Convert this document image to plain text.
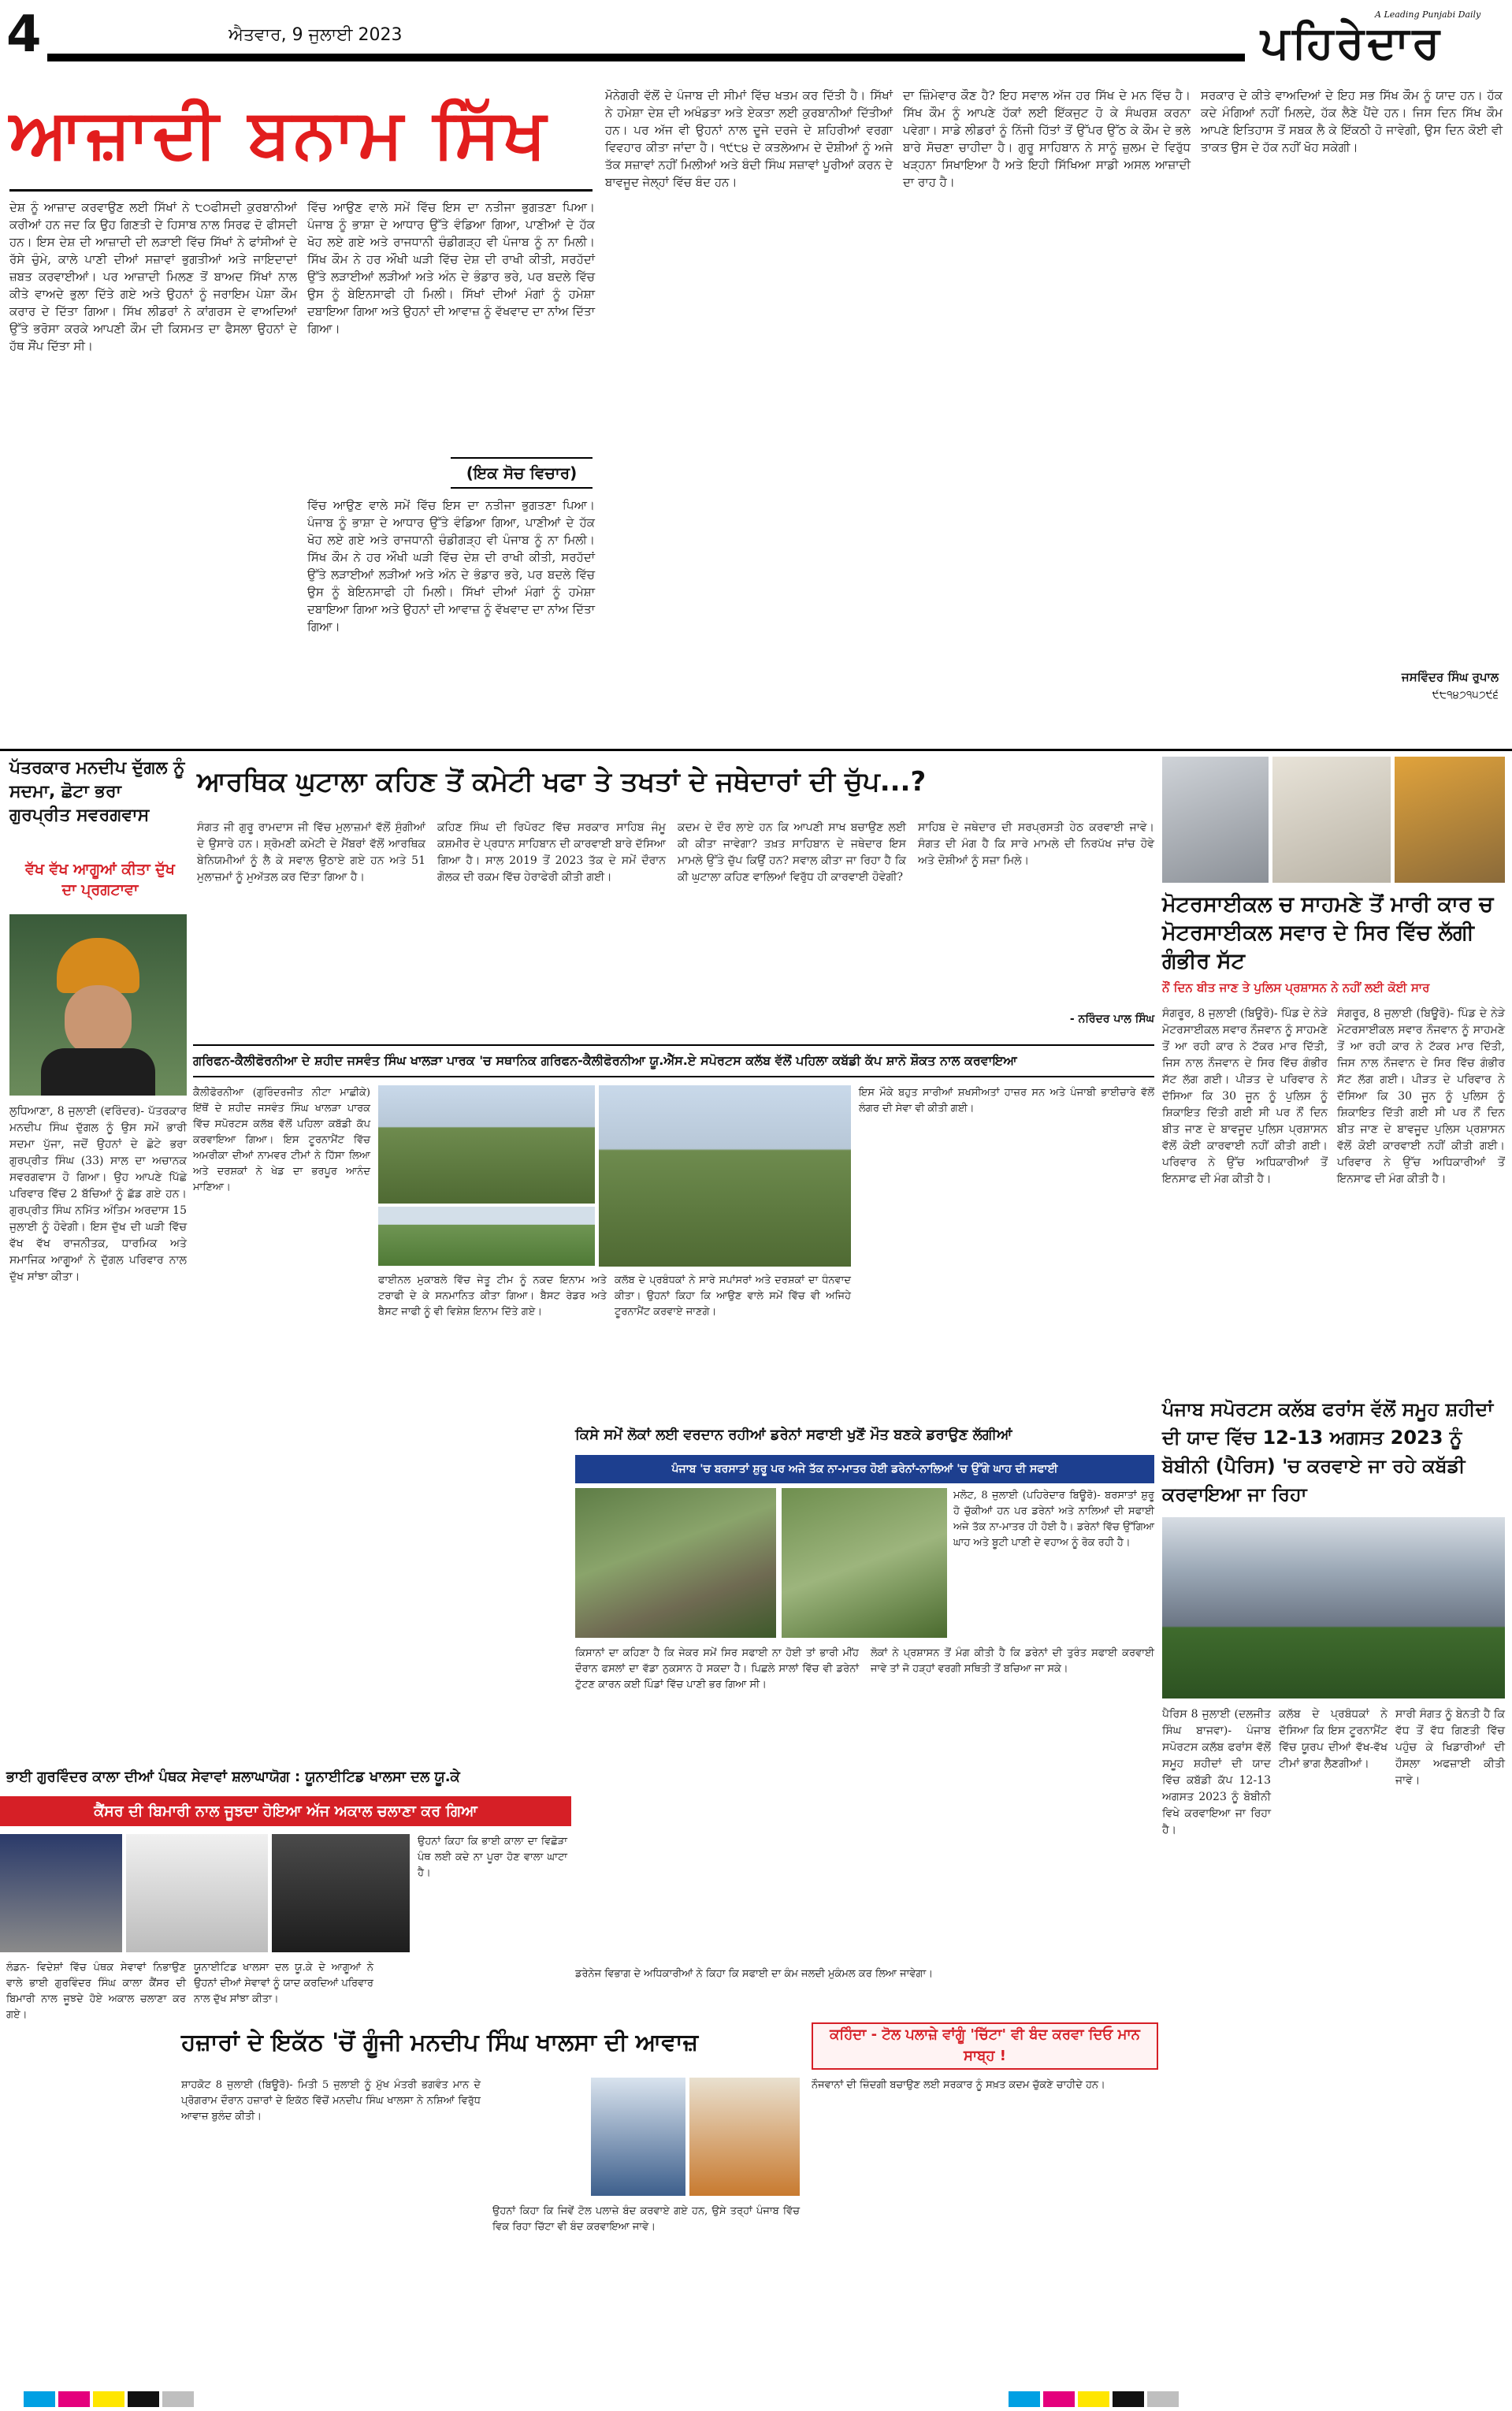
4	ਐਤਵਾਰ, 9 ਜੁਲਾਈ 2023
A Leading Punjabi Daily
ਪਹਿਰੇਦਾਰ
ਆਜ਼ਾਦੀ ਬਨਾਮ ਸਿੱਖ
ਦੇਸ਼ ਨੂੰ ਆਜ਼ਾਦ ਕਰਵਾਉਣ ਲਈ ਸਿੱਖਾਂ ਨੇ ੮੦ਫੀਸਦੀ ਕੁਰਬਾਨੀਆਂ ਕਰੀਆਂ ਹਨ ਜਦ ਕਿ ਉਹ ਗਿਣਤੀ ਦੇ ਹਿਸਾਬ ਨਾਲ ਸਿਰਫ ਦੋ ਫੀਸਦੀ ਹਨ। ਇਸ ਦੇਸ਼ ਦੀ ਆਜ਼ਾਦੀ ਦੀ ਲੜਾਈ ਵਿੱਚ ਸਿੱਖਾਂ ਨੇ ਫਾਂਸੀਆਂ ਦੇ ਰੱਸੇ ਚੁੰਮੇ, ਕਾਲੇ ਪਾਣੀ ਦੀਆਂ ਸਜ਼ਾਵਾਂ ਭੁਗਤੀਆਂ ਅਤੇ ਜਾਇਦਾਦਾਂ ਜ਼ਬਤ ਕਰਵਾਈਆਂ। ਪਰ ਆਜ਼ਾਦੀ ਮਿਲਣ ਤੋਂ ਬਾਅਦ ਸਿੱਖਾਂ ਨਾਲ ਕੀਤੇ ਵਾਅਦੇ ਭੁਲਾ ਦਿੱਤੇ ਗਏ ਅਤੇ ਉਹਨਾਂ ਨੂੰ ਜਰਾਇਮ ਪੇਸ਼ਾ ਕੌਮ ਕਰਾਰ ਦੇ ਦਿੱਤਾ ਗਿਆ। ਸਿੱਖ ਲੀਡਰਾਂ ਨੇ ਕਾਂਗਰਸ ਦੇ ਵਾਅਦਿਆਂ ਉੱਤੇ ਭਰੋਸਾ ਕਰਕੇ ਆਪਣੀ ਕੌਮ ਦੀ ਕਿਸਮਤ ਦਾ ਫੈਸਲਾ ਉਹਨਾਂ ਦੇ ਹੱਥ ਸੌਂਪ ਦਿੱਤਾ ਸੀ।
ਵਿੱਚ ਆਉਣ ਵਾਲੇ ਸਮੇਂ ਵਿੱਚ ਇਸ ਦਾ ਨਤੀਜਾ ਭੁਗਤਣਾ ਪਿਆ। ਪੰਜਾਬ ਨੂੰ ਭਾਸ਼ਾ ਦੇ ਆਧਾਰ ਉੱਤੇ ਵੰਡਿਆ ਗਿਆ, ਪਾਣੀਆਂ ਦੇ ਹੱਕ ਖੋਹ ਲਏ ਗਏ ਅਤੇ ਰਾਜਧਾਨੀ ਚੰਡੀਗੜ੍ਹ ਵੀ ਪੰਜਾਬ ਨੂੰ ਨਾ ਮਿਲੀ। ਸਿੱਖ ਕੌਮ ਨੇ ਹਰ ਔਖੀ ਘੜੀ ਵਿੱਚ ਦੇਸ਼ ਦੀ ਰਾਖੀ ਕੀਤੀ, ਸਰਹੱਦਾਂ ਉੱਤੇ ਲੜਾਈਆਂ ਲੜੀਆਂ ਅਤੇ ਅੰਨ ਦੇ ਭੰਡਾਰ ਭਰੇ, ਪਰ ਬਦਲੇ ਵਿੱਚ ਉਸ ਨੂੰ ਬੇਇਨਸਾਫੀ ਹੀ ਮਿਲੀ। ਸਿੱਖਾਂ ਦੀਆਂ ਮੰਗਾਂ ਨੂੰ ਹਮੇਸ਼ਾ ਦਬਾਇਆ ਗਿਆ ਅਤੇ ਉਹਨਾਂ ਦੀ ਆਵਾਜ਼ ਨੂੰ ਵੱਖਵਾਦ ਦਾ ਨਾਂਅ ਦਿੱਤਾ ਗਿਆ।
(ਇਕ ਸੋਚ ਵਿਚਾਰ)
ਵਿੱਚ ਆਉਣ ਵਾਲੇ ਸਮੇਂ ਵਿੱਚ ਇਸ ਦਾ ਨਤੀਜਾ ਭੁਗਤਣਾ ਪਿਆ। ਪੰਜਾਬ ਨੂੰ ਭਾਸ਼ਾ ਦੇ ਆਧਾਰ ਉੱਤੇ ਵੰਡਿਆ ਗਿਆ, ਪਾਣੀਆਂ ਦੇ ਹੱਕ ਖੋਹ ਲਏ ਗਏ ਅਤੇ ਰਾਜਧਾਨੀ ਚੰਡੀਗੜ੍ਹ ਵੀ ਪੰਜਾਬ ਨੂੰ ਨਾ ਮਿਲੀ। ਸਿੱਖ ਕੌਮ ਨੇ ਹਰ ਔਖੀ ਘੜੀ ਵਿੱਚ ਦੇਸ਼ ਦੀ ਰਾਖੀ ਕੀਤੀ, ਸਰਹੱਦਾਂ ਉੱਤੇ ਲੜਾਈਆਂ ਲੜੀਆਂ ਅਤੇ ਅੰਨ ਦੇ ਭੰਡਾਰ ਭਰੇ, ਪਰ ਬਦਲੇ ਵਿੱਚ ਉਸ ਨੂੰ ਬੇਇਨਸਾਫੀ ਹੀ ਮਿਲੀ। ਸਿੱਖਾਂ ਦੀਆਂ ਮੰਗਾਂ ਨੂੰ ਹਮੇਸ਼ਾ ਦਬਾਇਆ ਗਿਆ ਅਤੇ ਉਹਨਾਂ ਦੀ ਆਵਾਜ਼ ਨੂੰ ਵੱਖਵਾਦ ਦਾ ਨਾਂਅ ਦਿੱਤਾ ਗਿਆ।
ਮੋਨੇਗਰੀ ਵੱਲੋਂ ਦੇ ਪੰਜਾਬ ਦੀ ਸੀਮਾਂ ਵਿੱਚ ਖਤਮ ਕਰ ਦਿੱਤੀ ਹੈ। ਸਿੱਖਾਂ ਨੇ ਹਮੇਸ਼ਾ ਦੇਸ਼ ਦੀ ਅਖੰਡਤਾ ਅਤੇ ਏਕਤਾ ਲਈ ਕੁਰਬਾਨੀਆਂ ਦਿੱਤੀਆਂ ਹਨ। ਪਰ ਅੱਜ ਵੀ ਉਹਨਾਂ ਨਾਲ ਦੂਜੇ ਦਰਜੇ ਦੇ ਸ਼ਹਿਰੀਆਂ ਵਰਗਾ ਵਿਵਹਾਰ ਕੀਤਾ ਜਾਂਦਾ ਹੈ। ੧੯੮੪ ਦੇ ਕਤਲੇਆਮ ਦੇ ਦੋਸ਼ੀਆਂ ਨੂੰ ਅਜੇ ਤੱਕ ਸਜ਼ਾਵਾਂ ਨਹੀਂ ਮਿਲੀਆਂ ਅਤੇ ਬੰਦੀ ਸਿੰਘ ਸਜ਼ਾਵਾਂ ਪੂਰੀਆਂ ਕਰਨ ਦੇ ਬਾਵਜੂਦ ਜੇਲ੍ਹਾਂ ਵਿੱਚ ਬੰਦ ਹਨ।
ਦਾ ਜ਼ਿੰਮੇਵਾਰ ਕੌਣ ਹੈ? ਇਹ ਸਵਾਲ ਅੱਜ ਹਰ ਸਿੱਖ ਦੇ ਮਨ ਵਿੱਚ ਹੈ। ਸਿੱਖ ਕੌਮ ਨੂੰ ਆਪਣੇ ਹੱਕਾਂ ਲਈ ਇੱਕਜੁਟ ਹੋ ਕੇ ਸੰਘਰਸ਼ ਕਰਨਾ ਪਵੇਗਾ। ਸਾਡੇ ਲੀਡਰਾਂ ਨੂੰ ਨਿੱਜੀ ਹਿੱਤਾਂ ਤੋਂ ਉੱਪਰ ਉੱਠ ਕੇ ਕੌਮ ਦੇ ਭਲੇ ਬਾਰੇ ਸੋਚਣਾ ਚਾਹੀਦਾ ਹੈ। ਗੁਰੂ ਸਾਹਿਬਾਨ ਨੇ ਸਾਨੂੰ ਜ਼ੁਲਮ ਦੇ ਵਿਰੁੱਧ ਖੜ੍ਹਨਾ ਸਿਖਾਇਆ ਹੈ ਅਤੇ ਇਹੀ ਸਿੱਖਿਆ ਸਾਡੀ ਅਸਲ ਆਜ਼ਾਦੀ ਦਾ ਰਾਹ ਹੈ।
ਸਰਕਾਰ ਦੇ ਕੀਤੇ ਵਾਅਦਿਆਂ ਦੇ ਇਹ ਸਭ ਸਿੱਖ ਕੌਮ ਨੂੰ ਯਾਦ ਹਨ। ਹੱਕ ਕਦੇ ਮੰਗਿਆਂ ਨਹੀਂ ਮਿਲਦੇ, ਹੱਕ ਲੈਣੇ ਪੈਂਦੇ ਹਨ। ਜਿਸ ਦਿਨ ਸਿੱਖ ਕੌਮ ਆਪਣੇ ਇਤਿਹਾਸ ਤੋਂ ਸਬਕ ਲੈ ਕੇ ਇੱਕਠੀ ਹੋ ਜਾਵੇਗੀ, ਉਸ ਦਿਨ ਕੋਈ ਵੀ ਤਾਕਤ ਉਸ ਦੇ ਹੱਕ ਨਹੀਂ ਖੋਹ ਸਕੇਗੀ।
ਜਸਵਿੰਦਰ ਸਿੰਘ ਰੁਪਾਲ
੯੮੧੪੭੧੫੭੯੬
ਪੱਤਰਕਾਰ ਮਨਦੀਪ ਦੁੱਗਲ ਨੂੰ ਸਦਮਾ, ਛੋਟਾ ਭਰਾ ਗੁਰਪ੍ਰੀਤ ਸਵਰਗਵਾਸ
ਵੱਖ ਵੱਖ ਆਗੂਆਂ ਕੀਤਾ ਦੁੱਖ ਦਾ ਪ੍ਰਗਟਾਵਾ
ਲੁਧਿਆਣਾ, 8 ਜੁਲਾਈ (ਵਰਿੰਦਰ)- ਪੱਤਰਕਾਰ ਮਨਦੀਪ ਸਿੰਘ ਦੁੱਗਲ ਨੂੰ ਉਸ ਸਮੇਂ ਭਾਰੀ ਸਦਮਾ ਪੁੱਜਾ, ਜਦੋਂ ਉਹਨਾਂ ਦੇ ਛੋਟੇ ਭਰਾ ਗੁਰਪ੍ਰੀਤ ਸਿੰਘ (33) ਸਾਲ ਦਾ ਅਚਾਨਕ ਸਵਰਗਵਾਸ ਹੋ ਗਿਆ। ਉਹ ਆਪਣੇ ਪਿੱਛੇ ਪਰਿਵਾਰ ਵਿੱਚ 2 ਬੱਚਿਆਂ ਨੂੰ ਛੱਡ ਗਏ ਹਨ। ਗੁਰਪ੍ਰੀਤ ਸਿੰਘ ਨਮਿੱਤ ਅੰਤਿਮ ਅਰਦਾਸ 15 ਜੁਲਾਈ ਨੂੰ ਹੋਵੇਗੀ। ਇਸ ਦੁੱਖ ਦੀ ਘੜੀ ਵਿੱਚ ਵੱਖ ਵੱਖ ਰਾਜਨੀਤਕ, ਧਾਰਮਿਕ ਅਤੇ ਸਮਾਜਿਕ ਆਗੂਆਂ ਨੇ ਦੁੱਗਲ ਪਰਿਵਾਰ ਨਾਲ ਦੁੱਖ ਸਾਂਝਾ ਕੀਤਾ।
ਆਰਥਿਕ ਘੁਟਾਲਾ ਕਹਿਣ ਤੋਂ ਕਮੇਟੀ ਖਫਾ ਤੇ ਤਖਤਾਂ ਦੇ ਜਥੇਦਾਰਾਂ ਦੀ ਚੁੱਪ...?
ਸੰਗਤ ਜੀ ਗੁਰੂ ਰਾਮਦਾਸ ਜੀ ਵਿੱਚ ਮੁਲਾਜ਼ਮਾਂ ਵੱਲੋਂ ਸੁੰਗੀਆਂ ਦੇ ਉਸਾਰੇ ਹਨ। ਸ਼੍ਰੋਮਣੀ ਕਮੇਟੀ ਦੇ ਮੈਂਬਰਾਂ ਵੱਲੋਂ ਆਰਥਿਕ ਬੇਨਿਯਮੀਆਂ ਨੂੰ ਲੈ ਕੇ ਸਵਾਲ ਉਠਾਏ ਗਏ ਹਨ ਅਤੇ 51 ਮੁਲਾਜ਼ਮਾਂ ਨੂੰ ਮੁਅੱਤਲ ਕਰ ਦਿੱਤਾ ਗਿਆ ਹੈ।
ਕਹਿਣ ਸਿੰਘ ਦੀ ਰਿਪੋਰਟ ਵਿੱਚ ਸਰਕਾਰ ਸਾਹਿਬ ਜੰਮੂ ਕਸ਼ਮੀਰ ਦੇ ਪ੍ਰਧਾਨ ਸਾਹਿਬਾਨ ਦੀ ਕਾਰਵਾਈ ਬਾਰੇ ਦੱਸਿਆ ਗਿਆ ਹੈ। ਸਾਲ 2019 ਤੋਂ 2023 ਤੱਕ ਦੇ ਸਮੇਂ ਦੌਰਾਨ ਗੋਲਕ ਦੀ ਰਕਮ ਵਿੱਚ ਹੇਰਾਫੇਰੀ ਕੀਤੀ ਗਈ।
ਕਦਮ ਦੇ ਦੌਰ ਲਾਏ ਹਨ ਕਿ ਆਪਣੀ ਸਾਖ ਬਚਾਉਣ ਲਈ ਕੀ ਕੀਤਾ ਜਾਵੇਗਾ? ਤਖ਼ਤ ਸਾਹਿਬਾਨ ਦੇ ਜਥੇਦਾਰ ਇਸ ਮਾਮਲੇ ਉੱਤੇ ਚੁੱਪ ਕਿਉਂ ਹਨ? ਸਵਾਲ ਕੀਤਾ ਜਾ ਰਿਹਾ ਹੈ ਕਿ ਕੀ ਘੁਟਾਲਾ ਕਹਿਣ ਵਾਲਿਆਂ ਵਿਰੁੱਧ ਹੀ ਕਾਰਵਾਈ ਹੋਵੇਗੀ?
ਸਾਹਿਬ ਦੇ ਜਥੇਦਾਰ ਦੀ ਸਰਪ੍ਰਸਤੀ ਹੇਠ ਕਰਵਾਈ ਜਾਵੇ। ਸੰਗਤ ਦੀ ਮੰਗ ਹੈ ਕਿ ਸਾਰੇ ਮਾਮਲੇ ਦੀ ਨਿਰਪੱਖ ਜਾਂਚ ਹੋਵੇ ਅਤੇ ਦੋਸ਼ੀਆਂ ਨੂੰ ਸਜ਼ਾ ਮਿਲੇ।
- ਨਰਿੰਦਰ ਪਾਲ ਸਿੰਘ
ਮੋਟਰਸਾਈਕਲ ਚ ਸਾਹਮਣੇ ਤੋਂ ਮਾਰੀ ਕਾਰ ਚ ਮੋਟਰਸਾਈਕਲ ਸਵਾਰ ਦੇ ਸਿਰ ਵਿੱਚ ਲੱਗੀ ਗੰਭੀਰ ਸੱਟ
ਨੌਂ ਦਿਨ ਬੀਤ ਜਾਣ ਤੇ ਪੁਲਿਸ ਪ੍ਰਸ਼ਾਸਨ ਨੇ ਨਹੀਂ ਲਈ ਕੋਈ ਸਾਰ
ਸੰਗਰੂਰ, 8 ਜੁਲਾਈ (ਬਿਊਰੋ)- ਪਿੰਡ ਦੇ ਨੇੜੇ ਮੋਟਰਸਾਈਕਲ ਸਵਾਰ ਨੌਜਵਾਨ ਨੂੰ ਸਾਹਮਣੇ ਤੋਂ ਆ ਰਹੀ ਕਾਰ ਨੇ ਟੱਕਰ ਮਾਰ ਦਿੱਤੀ, ਜਿਸ ਨਾਲ ਨੌਜਵਾਨ ਦੇ ਸਿਰ ਵਿੱਚ ਗੰਭੀਰ ਸੱਟ ਲੱਗ ਗਈ। ਪੀੜਤ ਦੇ ਪਰਿਵਾਰ ਨੇ ਦੱਸਿਆ ਕਿ 30 ਜੂਨ ਨੂੰ ਪੁਲਿਸ ਨੂੰ ਸ਼ਿਕਾਇਤ ਦਿੱਤੀ ਗਈ ਸੀ ਪਰ ਨੌਂ ਦਿਨ ਬੀਤ ਜਾਣ ਦੇ ਬਾਵਜੂਦ ਪੁਲਿਸ ਪ੍ਰਸ਼ਾਸਨ ਵੱਲੋਂ ਕੋਈ ਕਾਰਵਾਈ ਨਹੀਂ ਕੀਤੀ ਗਈ। ਪਰਿਵਾਰ ਨੇ ਉੱਚ ਅਧਿਕਾਰੀਆਂ ਤੋਂ ਇਨਸਾਫ ਦੀ ਮੰਗ ਕੀਤੀ ਹੈ।
ਸੰਗਰੂਰ, 8 ਜੁਲਾਈ (ਬਿਊਰੋ)- ਪਿੰਡ ਦੇ ਨੇੜੇ ਮੋਟਰਸਾਈਕਲ ਸਵਾਰ ਨੌਜਵਾਨ ਨੂੰ ਸਾਹਮਣੇ ਤੋਂ ਆ ਰਹੀ ਕਾਰ ਨੇ ਟੱਕਰ ਮਾਰ ਦਿੱਤੀ, ਜਿਸ ਨਾਲ ਨੌਜਵਾਨ ਦੇ ਸਿਰ ਵਿੱਚ ਗੰਭੀਰ ਸੱਟ ਲੱਗ ਗਈ। ਪੀੜਤ ਦੇ ਪਰਿਵਾਰ ਨੇ ਦੱਸਿਆ ਕਿ 30 ਜੂਨ ਨੂੰ ਪੁਲਿਸ ਨੂੰ ਸ਼ਿਕਾਇਤ ਦਿੱਤੀ ਗਈ ਸੀ ਪਰ ਨੌਂ ਦਿਨ ਬੀਤ ਜਾਣ ਦੇ ਬਾਵਜੂਦ ਪੁਲਿਸ ਪ੍ਰਸ਼ਾਸਨ ਵੱਲੋਂ ਕੋਈ ਕਾਰਵਾਈ ਨਹੀਂ ਕੀਤੀ ਗਈ। ਪਰਿਵਾਰ ਨੇ ਉੱਚ ਅਧਿਕਾਰੀਆਂ ਤੋਂ ਇਨਸਾਫ ਦੀ ਮੰਗ ਕੀਤੀ ਹੈ।
ਗਰਿਫਨ-ਕੈਲੀਫੋਰਨੀਆ ਦੇ ਸ਼ਹੀਦ ਜਸਵੰਤ ਸਿੰਘ ਖਾਲੜਾ ਪਾਰਕ 'ਚ ਸਥਾਨਿਕ ਗਰਿਫਨ-ਕੈਲੀਫੋਰਨੀਆ ਯੂ.ਐੱਸ.ਏ ਸਪੋਰਟਸ ਕਲੱਬ ਵੱਲੋਂ ਪਹਿਲਾ ਕਬੱਡੀ ਕੱਪ ਸ਼ਾਨੋ ਸ਼ੌਕਤ ਨਾਲ ਕਰਵਾਇਆ
ਕੈਲੀਫੋਰਨੀਆ (ਗੁਰਿੰਦਰਜੀਤ ਨੀਟਾ ਮਾਛੀਕੇ) ਇੱਥੋਂ ਦੇ ਸ਼ਹੀਦ ਜਸਵੰਤ ਸਿੰਘ ਖਾਲੜਾ ਪਾਰਕ ਵਿੱਚ ਸਪੋਰਟਸ ਕਲੱਬ ਵੱਲੋਂ ਪਹਿਲਾ ਕਬੱਡੀ ਕੱਪ ਕਰਵਾਇਆ ਗਿਆ। ਇਸ ਟੂਰਨਾਮੈਂਟ ਵਿੱਚ ਅਮਰੀਕਾ ਦੀਆਂ ਨਾਮਵਰ ਟੀਮਾਂ ਨੇ ਹਿੱਸਾ ਲਿਆ ਅਤੇ ਦਰਸ਼ਕਾਂ ਨੇ ਖੇਡ ਦਾ ਭਰਪੂਰ ਆਨੰਦ ਮਾਣਿਆ।
ਫਾਈਨਲ ਮੁਕਾਬਲੇ ਵਿੱਚ ਜੇਤੂ ਟੀਮ ਨੂੰ ਨਕਦ ਇਨਾਮ ਅਤੇ ਟਰਾਫੀ ਦੇ ਕੇ ਸਨਮਾਨਿਤ ਕੀਤਾ ਗਿਆ। ਬੈਸਟ ਰੇਡਰ ਅਤੇ ਬੈਸਟ ਜਾਫੀ ਨੂੰ ਵੀ ਵਿਸ਼ੇਸ਼ ਇਨਾਮ ਦਿੱਤੇ ਗਏ।
ਕਲੱਬ ਦੇ ਪ੍ਰਬੰਧਕਾਂ ਨੇ ਸਾਰੇ ਸਪਾਂਸਰਾਂ ਅਤੇ ਦਰਸ਼ਕਾਂ ਦਾ ਧੰਨਵਾਦ ਕੀਤਾ। ਉਹਨਾਂ ਕਿਹਾ ਕਿ ਆਉਣ ਵਾਲੇ ਸਮੇਂ ਵਿੱਚ ਵੀ ਅਜਿਹੇ ਟੂਰਨਾਮੈਂਟ ਕਰਵਾਏ ਜਾਣਗੇ।
ਇਸ ਮੌਕੇ ਬਹੁਤ ਸਾਰੀਆਂ ਸ਼ਖਸੀਅਤਾਂ ਹਾਜ਼ਰ ਸਨ ਅਤੇ ਪੰਜਾਬੀ ਭਾਈਚਾਰੇ ਵੱਲੋਂ ਲੰਗਰ ਦੀ ਸੇਵਾ ਵੀ ਕੀਤੀ ਗਈ।
ਪੰਜਾਬ ਸਪੋਰਟਸ ਕਲੱਬ ਫਰਾਂਸ ਵੱਲੋਂ ਸਮੂਹ ਸ਼ਹੀਦਾਂ ਦੀ ਯਾਦ ਵਿੱਚ 12-13 ਅਗਸਤ 2023 ਨੂੰ ਬੋਬੀਨੀ (ਪੈਰਿਸ) 'ਚ ਕਰਵਾਏ ਜਾ ਰਹੇ ਕਬੱਡੀ ਕਰਵਾਇਆ ਜਾ ਰਿਹਾ
ਪੈਰਿਸ 8 ਜੁਲਾਈ (ਦਲਜੀਤ ਸਿੰਘ ਬਾਜਵਾ)- ਪੰਜਾਬ ਸਪੋਰਟਸ ਕਲੱਬ ਫਰਾਂਸ ਵੱਲੋਂ ਸਮੂਹ ਸ਼ਹੀਦਾਂ ਦੀ ਯਾਦ ਵਿੱਚ ਕਬੱਡੀ ਕੱਪ 12-13 ਅਗਸਤ 2023 ਨੂੰ ਬੋਬੀਨੀ ਵਿਖੇ ਕਰਵਾਇਆ ਜਾ ਰਿਹਾ ਹੈ।
ਕਲੱਬ ਦੇ ਪ੍ਰਬੰਧਕਾਂ ਨੇ ਦੱਸਿਆ ਕਿ ਇਸ ਟੂਰਨਾਮੈਂਟ ਵਿੱਚ ਯੂਰਪ ਦੀਆਂ ਵੱਖ-ਵੱਖ ਟੀਮਾਂ ਭਾਗ ਲੈਣਗੀਆਂ।
ਸਾਰੀ ਸੰਗਤ ਨੂੰ ਬੇਨਤੀ ਹੈ ਕਿ ਵੱਧ ਤੋਂ ਵੱਧ ਗਿਣਤੀ ਵਿੱਚ ਪਹੁੰਚ ਕੇ ਖਿਡਾਰੀਆਂ ਦੀ ਹੌਸਲਾ ਅਫਜ਼ਾਈ ਕੀਤੀ ਜਾਵੇ।
ਭਾਈ ਗੁਰਵਿੰਦਰ ਕਾਲਾ ਦੀਆਂ ਪੰਥਕ ਸੇਵਾਵਾਂ ਸ਼ਲਾਘਾਯੋਗ : ਯੂਨਾਈਟਿਡ ਖਾਲਸਾ ਦਲ ਯੂ.ਕੇ
ਕੈਂਸਰ ਦੀ ਬਿਮਾਰੀ ਨਾਲ ਜੂਝਦਾ ਹੋਇਆ ਅੱਜ ਅਕਾਲ ਚਲਾਣਾ ਕਰ ਗਿਆ
ਲੰਡਨ- ਵਿਦੇਸ਼ਾਂ ਵਿੱਚ ਪੰਥਕ ਸੇਵਾਵਾਂ ਨਿਭਾਉਣ ਵਾਲੇ ਭਾਈ ਗੁਰਵਿੰਦਰ ਸਿੰਘ ਕਾਲਾ ਕੈਂਸਰ ਦੀ ਬਿਮਾਰੀ ਨਾਲ ਜੂਝਦੇ ਹੋਏ ਅਕਾਲ ਚਲਾਣਾ ਕਰ ਗਏ।
ਯੂਨਾਈਟਿਡ ਖਾਲਸਾ ਦਲ ਯੂ.ਕੇ ਦੇ ਆਗੂਆਂ ਨੇ ਉਹਨਾਂ ਦੀਆਂ ਸੇਵਾਵਾਂ ਨੂੰ ਯਾਦ ਕਰਦਿਆਂ ਪਰਿਵਾਰ ਨਾਲ ਦੁੱਖ ਸਾਂਝਾ ਕੀਤਾ।
ਉਹਨਾਂ ਕਿਹਾ ਕਿ ਭਾਈ ਕਾਲਾ ਦਾ ਵਿਛੋੜਾ ਪੰਥ ਲਈ ਕਦੇ ਨਾ ਪੂਰਾ ਹੋਣ ਵਾਲਾ ਘਾਟਾ ਹੈ।
ਕਿਸੇ ਸਮੇਂ ਲੋਕਾਂ ਲਈ ਵਰਦਾਨ ਰਹੀਆਂ ਡਰੇਨਾਂ ਸਫਾਈ ਖੁਣੋਂ ਮੌਤ ਬਣਕੇ ਡਰਾਉਣ ਲੱਗੀਆਂ
ਪੰਜਾਬ 'ਚ ਬਰਸਾਤਾਂ ਸ਼ੁਰੂ ਪਰ ਅਜੇ ਤੱਕ ਨਾ-ਮਾਤਰ ਹੋਈ ਡਰੇਨਾਂ-ਨਾਲਿਆਂ 'ਚ ਉੱਗੇ ਘਾਹ ਦੀ ਸਫਾਈ
ਮਲੋਟ, 8 ਜੁਲਾਈ (ਪਹਿਰੇਦਾਰ ਬਿਊਰੋ)- ਬਰਸਾਤਾਂ ਸ਼ੁਰੂ ਹੋ ਚੁੱਕੀਆਂ ਹਨ ਪਰ ਡਰੇਨਾਂ ਅਤੇ ਨਾਲਿਆਂ ਦੀ ਸਫਾਈ ਅਜੇ ਤੱਕ ਨਾ-ਮਾਤਰ ਹੀ ਹੋਈ ਹੈ। ਡਰੇਨਾਂ ਵਿੱਚ ਉੱਗਿਆ ਘਾਹ ਅਤੇ ਬੂਟੀ ਪਾਣੀ ਦੇ ਵਹਾਅ ਨੂੰ ਰੋਕ ਰਹੀ ਹੈ।
ਕਿਸਾਨਾਂ ਦਾ ਕਹਿਣਾ ਹੈ ਕਿ ਜੇਕਰ ਸਮੇਂ ਸਿਰ ਸਫਾਈ ਨਾ ਹੋਈ ਤਾਂ ਭਾਰੀ ਮੀਂਹ ਦੌਰਾਨ ਫਸਲਾਂ ਦਾ ਵੱਡਾ ਨੁਕਸਾਨ ਹੋ ਸਕਦਾ ਹੈ। ਪਿਛਲੇ ਸਾਲਾਂ ਵਿੱਚ ਵੀ ਡਰੇਨਾਂ ਟੁੱਟਣ ਕਾਰਨ ਕਈ ਪਿੰਡਾਂ ਵਿੱਚ ਪਾਣੀ ਭਰ ਗਿਆ ਸੀ।
ਲੋਕਾਂ ਨੇ ਪ੍ਰਸ਼ਾਸਨ ਤੋਂ ਮੰਗ ਕੀਤੀ ਹੈ ਕਿ ਡਰੇਨਾਂ ਦੀ ਤੁਰੰਤ ਸਫਾਈ ਕਰਵਾਈ ਜਾਵੇ ਤਾਂ ਜੋ ਹੜ੍ਹਾਂ ਵਰਗੀ ਸਥਿਤੀ ਤੋਂ ਬਚਿਆ ਜਾ ਸਕੇ।
ਡਰੇਨੇਜ ਵਿਭਾਗ ਦੇ ਅਧਿਕਾਰੀਆਂ ਨੇ ਕਿਹਾ ਕਿ ਸਫਾਈ ਦਾ ਕੰਮ ਜਲਦੀ ਮੁਕੰਮਲ ਕਰ ਲਿਆ ਜਾਵੇਗਾ।
ਹਜ਼ਾਰਾਂ ਦੇ ਇਕੱਠ 'ਚੋਂ ਗੂੰਜੀ ਮਨਦੀਪ ਸਿੰਘ ਖਾਲਸਾ ਦੀ ਆਵਾਜ਼	ਕਹਿੰਦਾ - ਟੋਲ ਪਲਾਜ਼ੇ ਵਾਂਗੂੰ 'ਚਿੱਟਾ' ਵੀ ਬੰਦ ਕਰਵਾ ਦਿਓ ਮਾਨ ਸਾਬ੍ਹ !
ਸ਼ਾਹਕੋਟ 8 ਜੁਲਾਈ (ਬਿਊਰੋ)- ਮਿਤੀ 5 ਜੁਲਾਈ ਨੂੰ ਮੁੱਖ ਮੰਤਰੀ ਭਗਵੰਤ ਮਾਨ ਦੇ ਪ੍ਰੋਗਰਾਮ ਦੌਰਾਨ ਹਜ਼ਾਰਾਂ ਦੇ ਇਕੱਠ ਵਿੱਚੋਂ ਮਨਦੀਪ ਸਿੰਘ ਖਾਲਸਾ ਨੇ ਨਸ਼ਿਆਂ ਵਿਰੁੱਧ ਆਵਾਜ਼ ਬੁਲੰਦ ਕੀਤੀ।
ਉਹਨਾਂ ਕਿਹਾ ਕਿ ਜਿਵੇਂ ਟੋਲ ਪਲਾਜ਼ੇ ਬੰਦ ਕਰਵਾਏ ਗਏ ਹਨ, ਉਸੇ ਤਰ੍ਹਾਂ ਪੰਜਾਬ ਵਿੱਚ ਵਿਕ ਰਿਹਾ ਚਿੱਟਾ ਵੀ ਬੰਦ ਕਰਵਾਇਆ ਜਾਵੇ।
ਨੌਜਵਾਨਾਂ ਦੀ ਜ਼ਿੰਦਗੀ ਬਚਾਉਣ ਲਈ ਸਰਕਾਰ ਨੂੰ ਸਖ਼ਤ ਕਦਮ ਚੁੱਕਣੇ ਚਾਹੀਦੇ ਹਨ।
